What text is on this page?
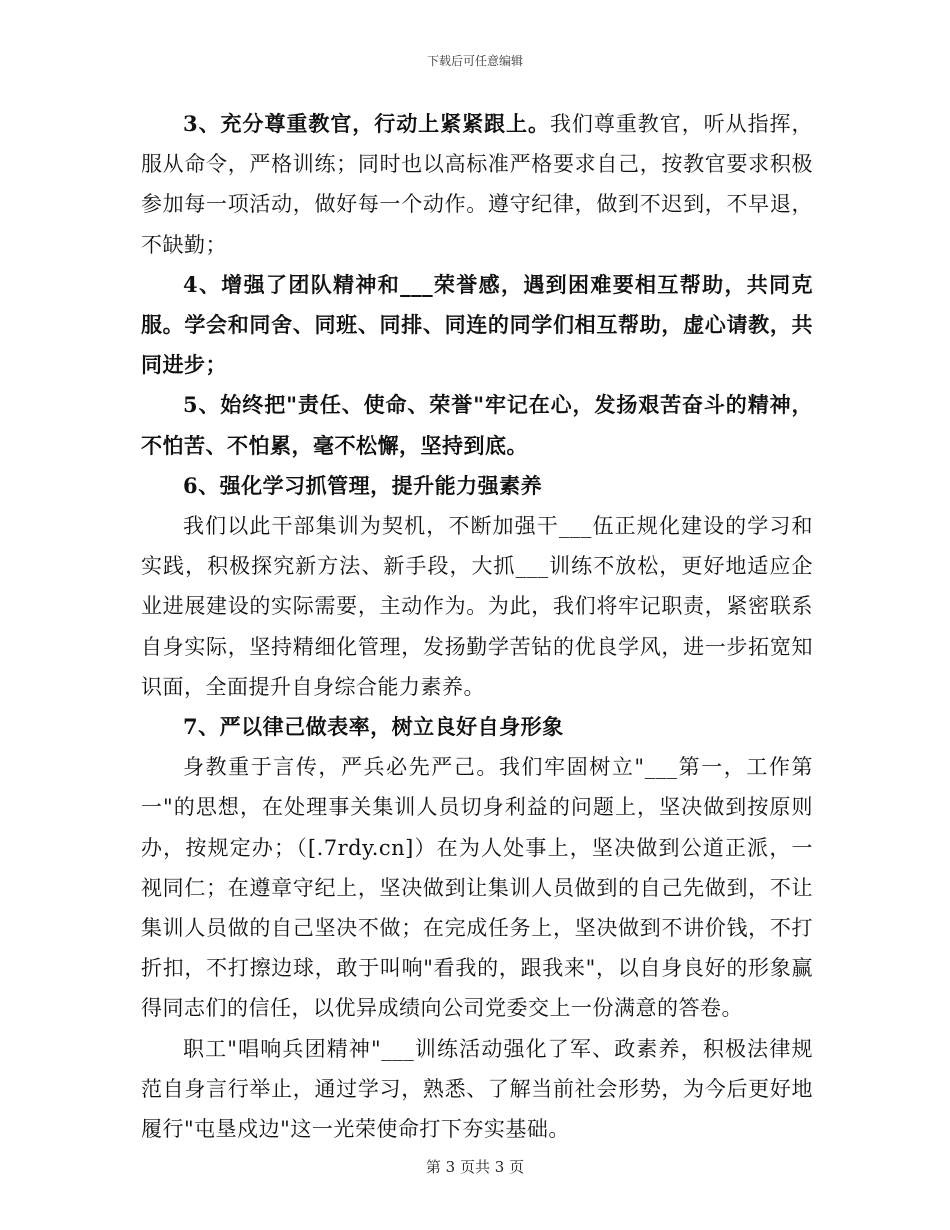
下载后可任意编辑

3、充分尊重教官，行动上紧紧跟上。我们尊重教官，听从指挥，服从命令，严格训练；同时也以高标准严格要求自己，按教官要求积极参加每一项活动，做好每一个动作。遵守纪律，做到不迟到，不早退，不缺勤；

4、增强了团队精神和___荣誉感，遇到困难要相互帮助，共同克服。学会和同舍、同班、同排、同连的同学们相互帮助，虚心请教，共同进步；

5、始终把"责任、使命、荣誉"牢记在心，发扬艰苦奋斗的精神，不怕苦、不怕累，毫不松懈，坚持到底。

6、强化学习抓管理，提升能力强素养

我们以此干部集训为契机，不断加强干___伍正规化建设的学习和实践，积极探究新方法、新手段，大抓___训练不放松，更好地适应企业进展建设的实际需要，主动作为。为此，我们将牢记职责，紧密联系自身实际，坚持精细化管理，发扬勤学苦钻的优良学风，进一步拓宽知识面，全面提升自身综合能力素养。

7、严以律己做表率，树立良好自身形象

身教重于言传，严兵必先严己。我们牢固树立"___第一，工作第一"的思想，在处理事关集训人员切身利益的问题上，坚决做到按原则办，按规定办；（[.7rdy.cn]）在为人处事上，坚决做到公道正派，一视同仁；在遵章守纪上，坚决做到让集训人员做到的自己先做到，不让集训人员做的自己坚决不做；在完成任务上，坚决做到不讲价钱，不打折扣，不打擦边球，敢于叫响"看我的，跟我来"，以自身良好的形象赢得同志们的信任，以优异成绩向公司党委交上一份满意的答卷。

职工"唱响兵团精神"___训练活动强化了军、政素养，积极法律规范自身言行举止，通过学习，熟悉、了解当前社会形势，为今后更好地履行"屯垦戍边"这一光荣使命打下夯实基础。

第 3 页共 3 页
